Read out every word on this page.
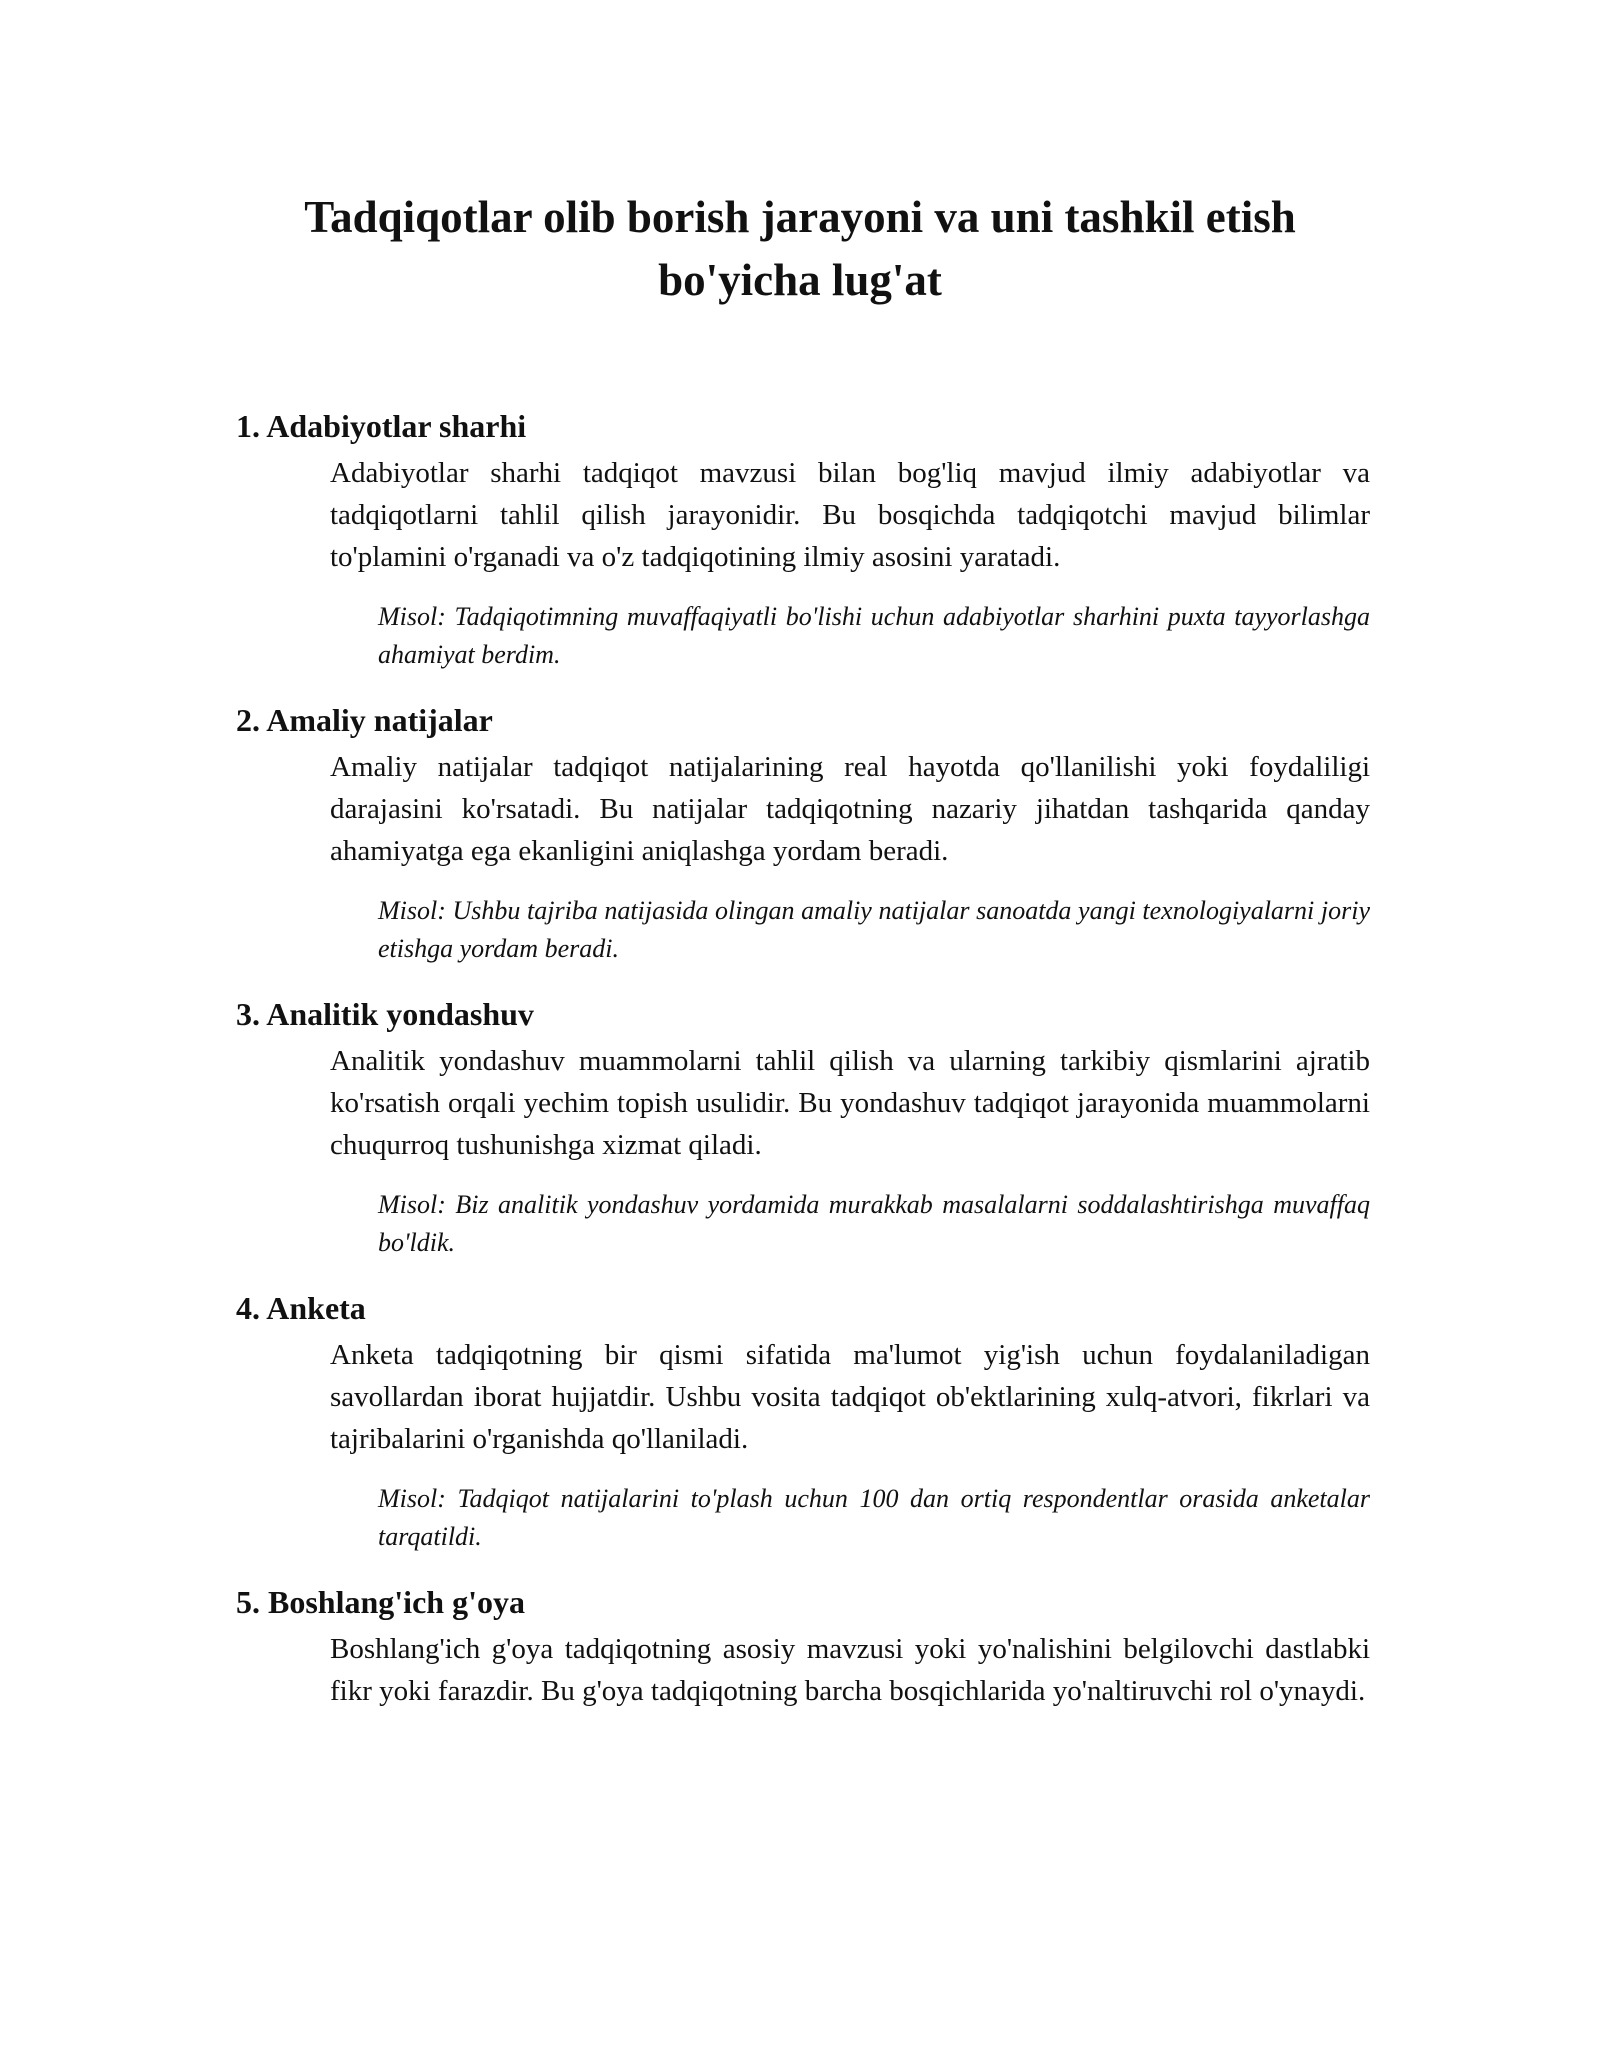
Tadqiqotlar olib borish jarayoni va uni tashkil etish
bo'yicha lug'at
1. Adabiyotlar sharhi

Adabiyotlar sharhi tadqiqot mavzusi bilan bog'liq mavjud ilmiy adabiyotlar va tadqiqotlarni tahlil qilish jarayonidir. Bu bosqichda tadqiqotchi mavjud bilimlar to'plamini o'rganadi va o'z tadqiqotining ilmiy asosini yaratadi.

Misol: Tadqiqotimning muvaffaqiyatli bo'lishi uchun adabiyotlar sharhini puxta tayyorlashga ahamiyat berdim.

2. Amaliy natijalar

Amaliy natijalar tadqiqot natijalarining real hayotda qo'llanilishi yoki foydaliligi darajasini ko'rsatadi. Bu natijalar tadqiqotning nazariy jihatdan tashqarida qanday ahamiyatga ega ekanligini aniqlashga yordam beradi.

Misol: Ushbu tajriba natijasida olingan amaliy natijalar sanoatda yangi texnologiyalarni joriy etishga yordam beradi.

3. Analitik yondashuv

Analitik yondashuv muammolarni tahlil qilish va ularning tarkibiy qismlarini ajratib ko'rsatish orqali yechim topish usulidir. Bu yondashuv tadqiqot jarayonida muammolarni chuqurroq tushunishga xizmat qiladi.

Misol: Biz analitik yondashuv yordamida murakkab masalalarni soddalashtirishga muvaffaq bo'ldik.

4. Anketa

Anketa tadqiqotning bir qismi sifatida ma'lumot yig'ish uchun foydalaniladigan savollardan iborat hujjatdir. Ushbu vosita tadqiqot ob'ektlarining xulq-atvori, fikrlari va tajribalarini o'rganishda qo'llaniladi.

Misol: Tadqiqot natijalarini to'plash uchun 100 dan ortiq respondentlar orasida anketalar tarqatildi.

5. Boshlang'ich g'oya

Boshlang'ich g'oya tadqiqotning asosiy mavzusi yoki yo'nalishini belgilovchi dastlabki fikr yoki farazdir. Bu g'oya tadqiqotning barcha bosqichlarida yo'naltiruvchi rol o'ynaydi.
